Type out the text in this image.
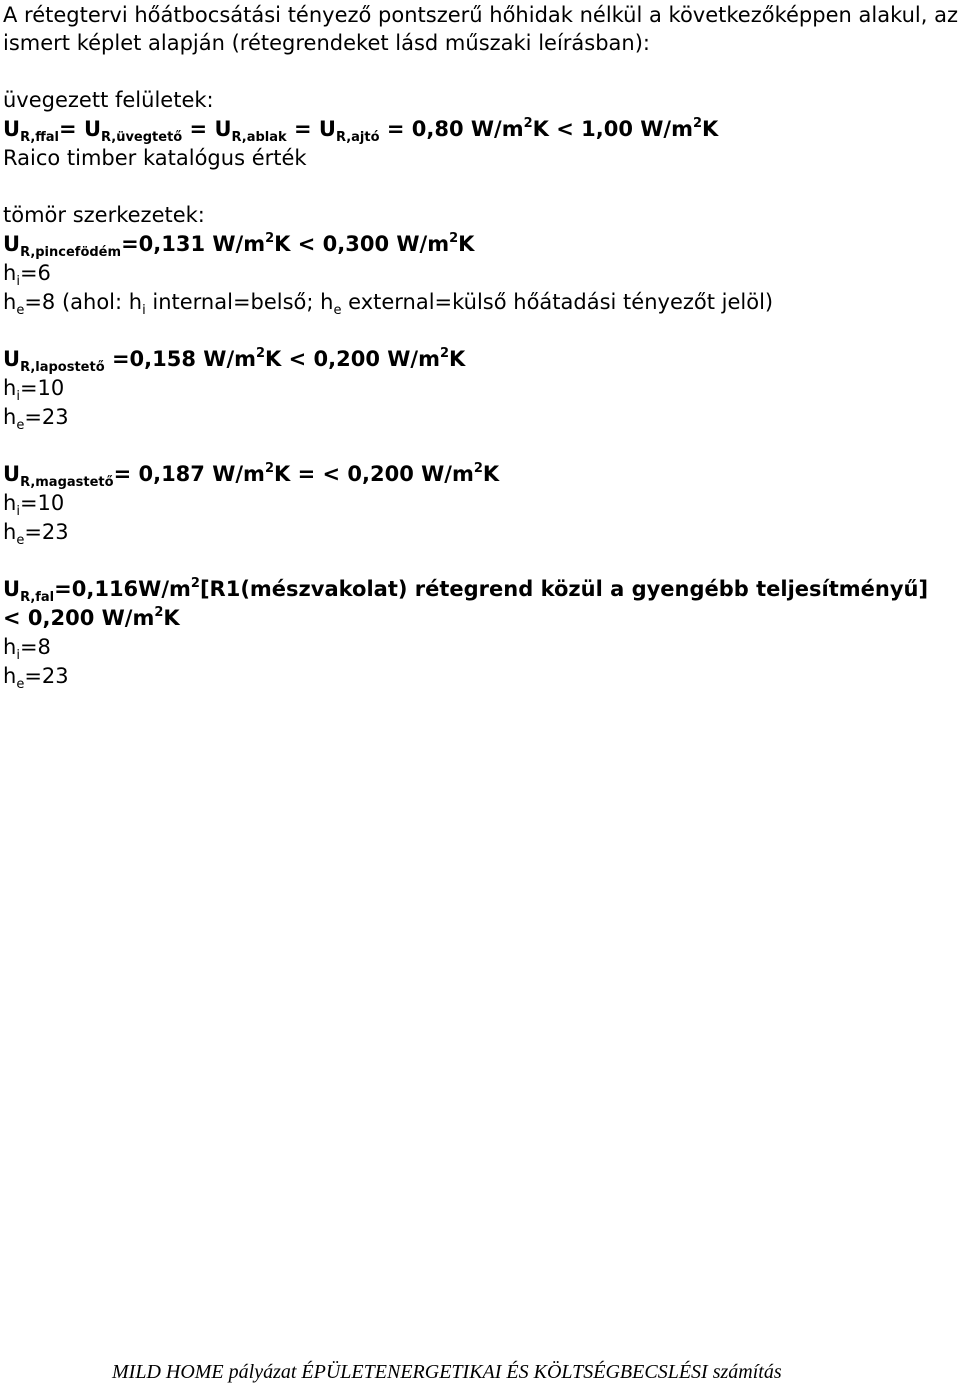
A rétegtervi hőátbocsátási tényező pontszerű hőhidak nélkül a következőképpen alakul, az
ismert képlet alapján (rétegrendeket lásd műszaki leírásban):
üvegezett felületek:
$U_{R,ffal}= U_{R,üvegtető} = U_{R,ablak} = U_{R,ajtó} = 0,80$ $W/m^2K < 1,00$ $W/m^2K$
Raico timber katalógus érték
tömör szerkezetek:
$U_{R,pincefödém}=0,131$ $W/m^2K < 0,300$ $W/m^2K$
$h_i=6$
$h_e=8$ (ahol: $h_i$ internal=belső; $h_e$ external=külső hőátadási tényezőt jelöl)
$U_{R,lapostető} =0,158$ $W/m^2K < 0,200$ $W/m^2K$
$h_i=10$
$h_e=23$
$U_{R,magastető}= 0,187$ $W/m^2K$ = < 0,200 $W/m^2K$
$h_i=10$
$h_e=23$
$U_{R,fal}=0,116W/m^2[R1(mészvakolat)$ rétegrend közül a gyengébb teljesítményű]
< 0,200 $W/m^2K$
$h_i=8$
$h_e=23$
MILD HOME pályázat ÉPÜLETENERGETIKAI ÉS KÖLTSÉGBECSLÉSI számítás
